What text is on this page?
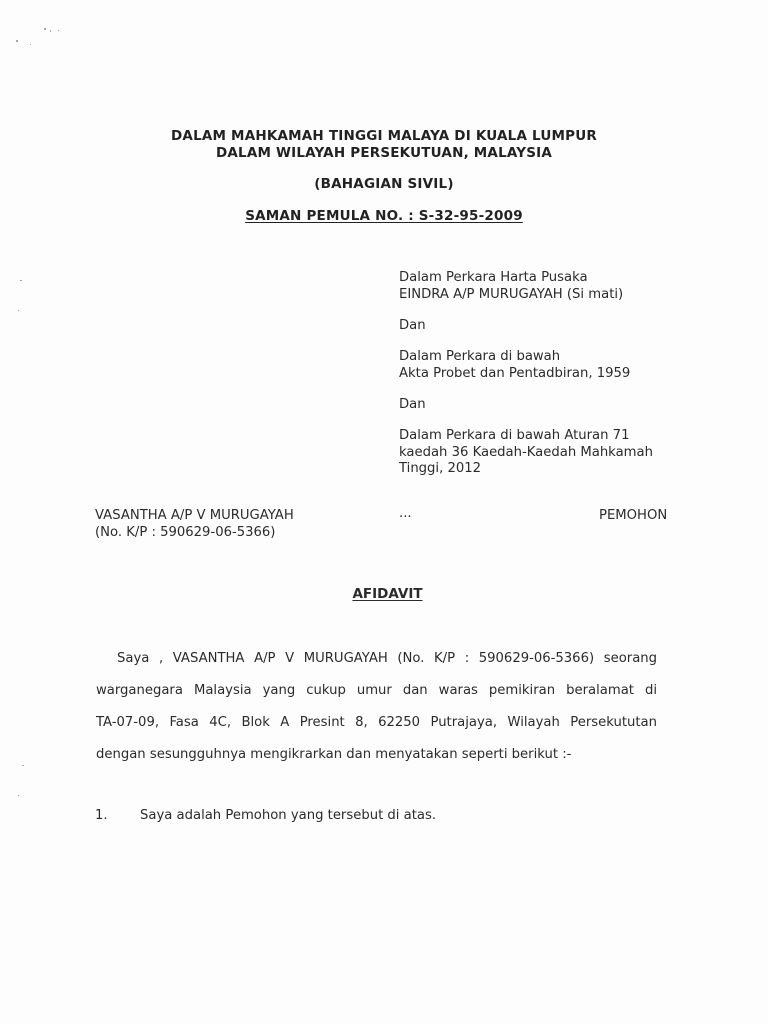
DALAM MAHKAMAH TINGGI MALAYA DI KUALA LUMPUR
DALAM WILAYAH PERSEKUTUAN, MALAYSIA
(BAHAGIAN SIVIL)
SAMAN PEMULA NO. : S-32-95-2009
Dalam Perkara Harta Pusaka
EINDRA A/P MURUGAYAH (Si mati)
Dan
Dalam Perkara di bawah
Akta Probet dan Pentadbiran, 1959
Dan
Dalam Perkara di bawah Aturan 71
kaedah 36 Kaedah-Kaedah Mahkamah
Tinggi, 2012
VASANTHA A/P V MURUGAYAH
(No. K/P : 590629-06-5366)
...	PEMOHON
AFIDAVIT
Saya , VASANTHA A/P V MURUGAYAH (No. K/P : 590629-06-5366) seorang
warganegara Malaysia yang cukup umur dan waras pemikiran beralamat di
TA-07-09, Fasa 4C, Blok A Presint 8, 62250 Putrajaya, Wilayah Persekututan
dengan sesungguhnya mengikrarkan dan menyatakan seperti berikut :-
1. Saya adalah Pemohon yang tersebut di atas.
